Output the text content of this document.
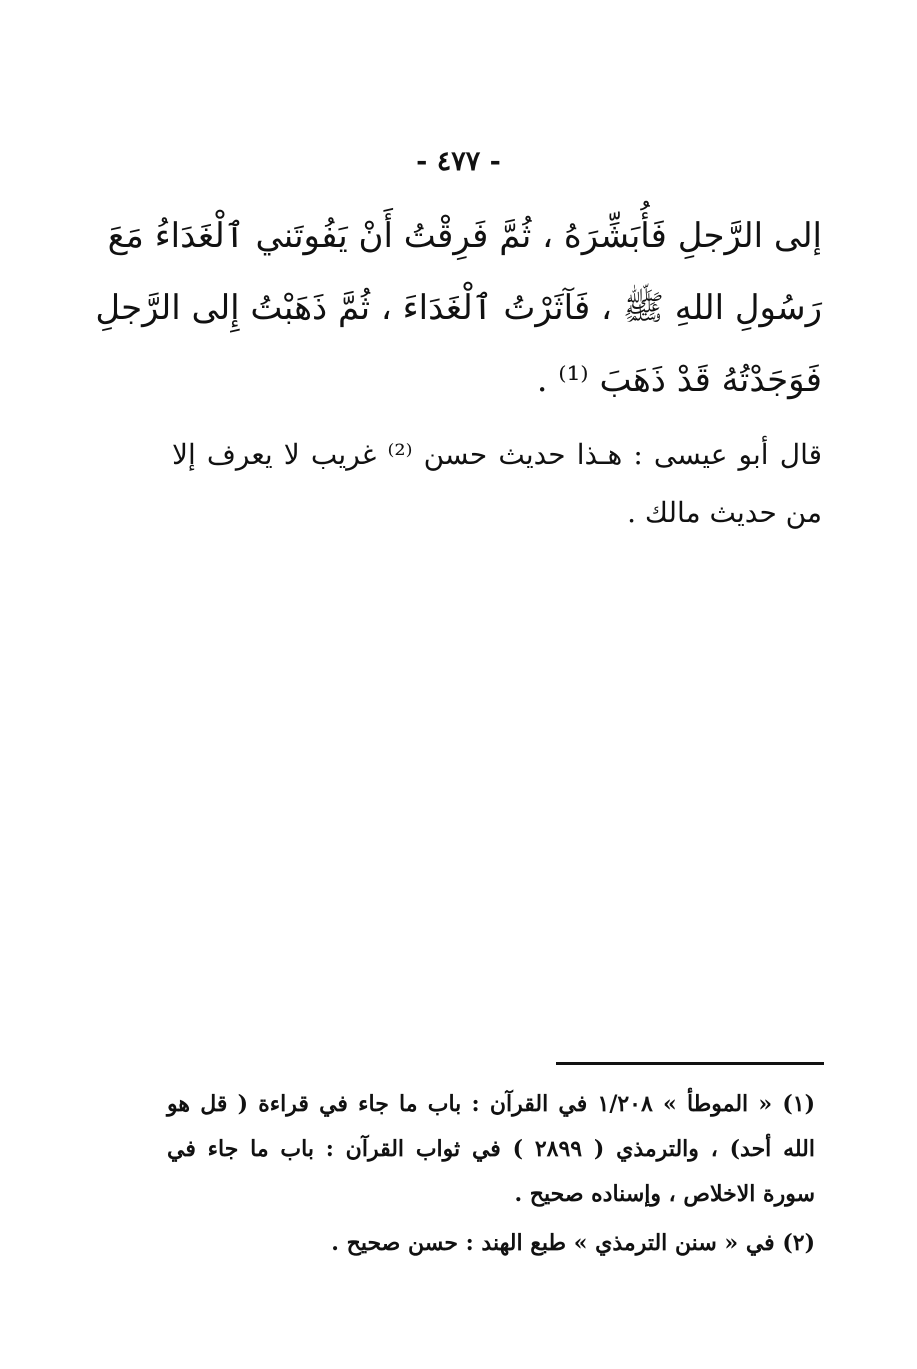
- ٤٧٧ -
إلى الرَّجلِ فَأُبَشِّرَهُ ، ثُمَّ فَرِقْتُ أَنْ يَفُوتَني ٱلْغَدَاءُ مَعَ
رَسُولِ اللهِ ﷺ ، فَآثَرْتُ ٱلْغَدَاءَ ، ثُمَّ ذَهَبْتُ إِلى الرَّجلِ
فَوَجَدْتُهُ قَدْ ذَهَبَ ⁽¹⁾ .
قال أبو عيسى : هـذا حديث حسن ⁽²⁾ غريب لا يعرف إلا من حديث مالك .
(١) « الموطأ » ١/٢٠٨ في القرآن : باب ما جاء في قراءة ( قل هو الله أحد) ، والترمذي ( ٢٨٩٩ ) في ثواب القرآن : باب ما جاء في سورة الاخلاص ، وإسناده صحيح .
(٢) في « سنن الترمذي » طبع الهند : حسن صحيح .
